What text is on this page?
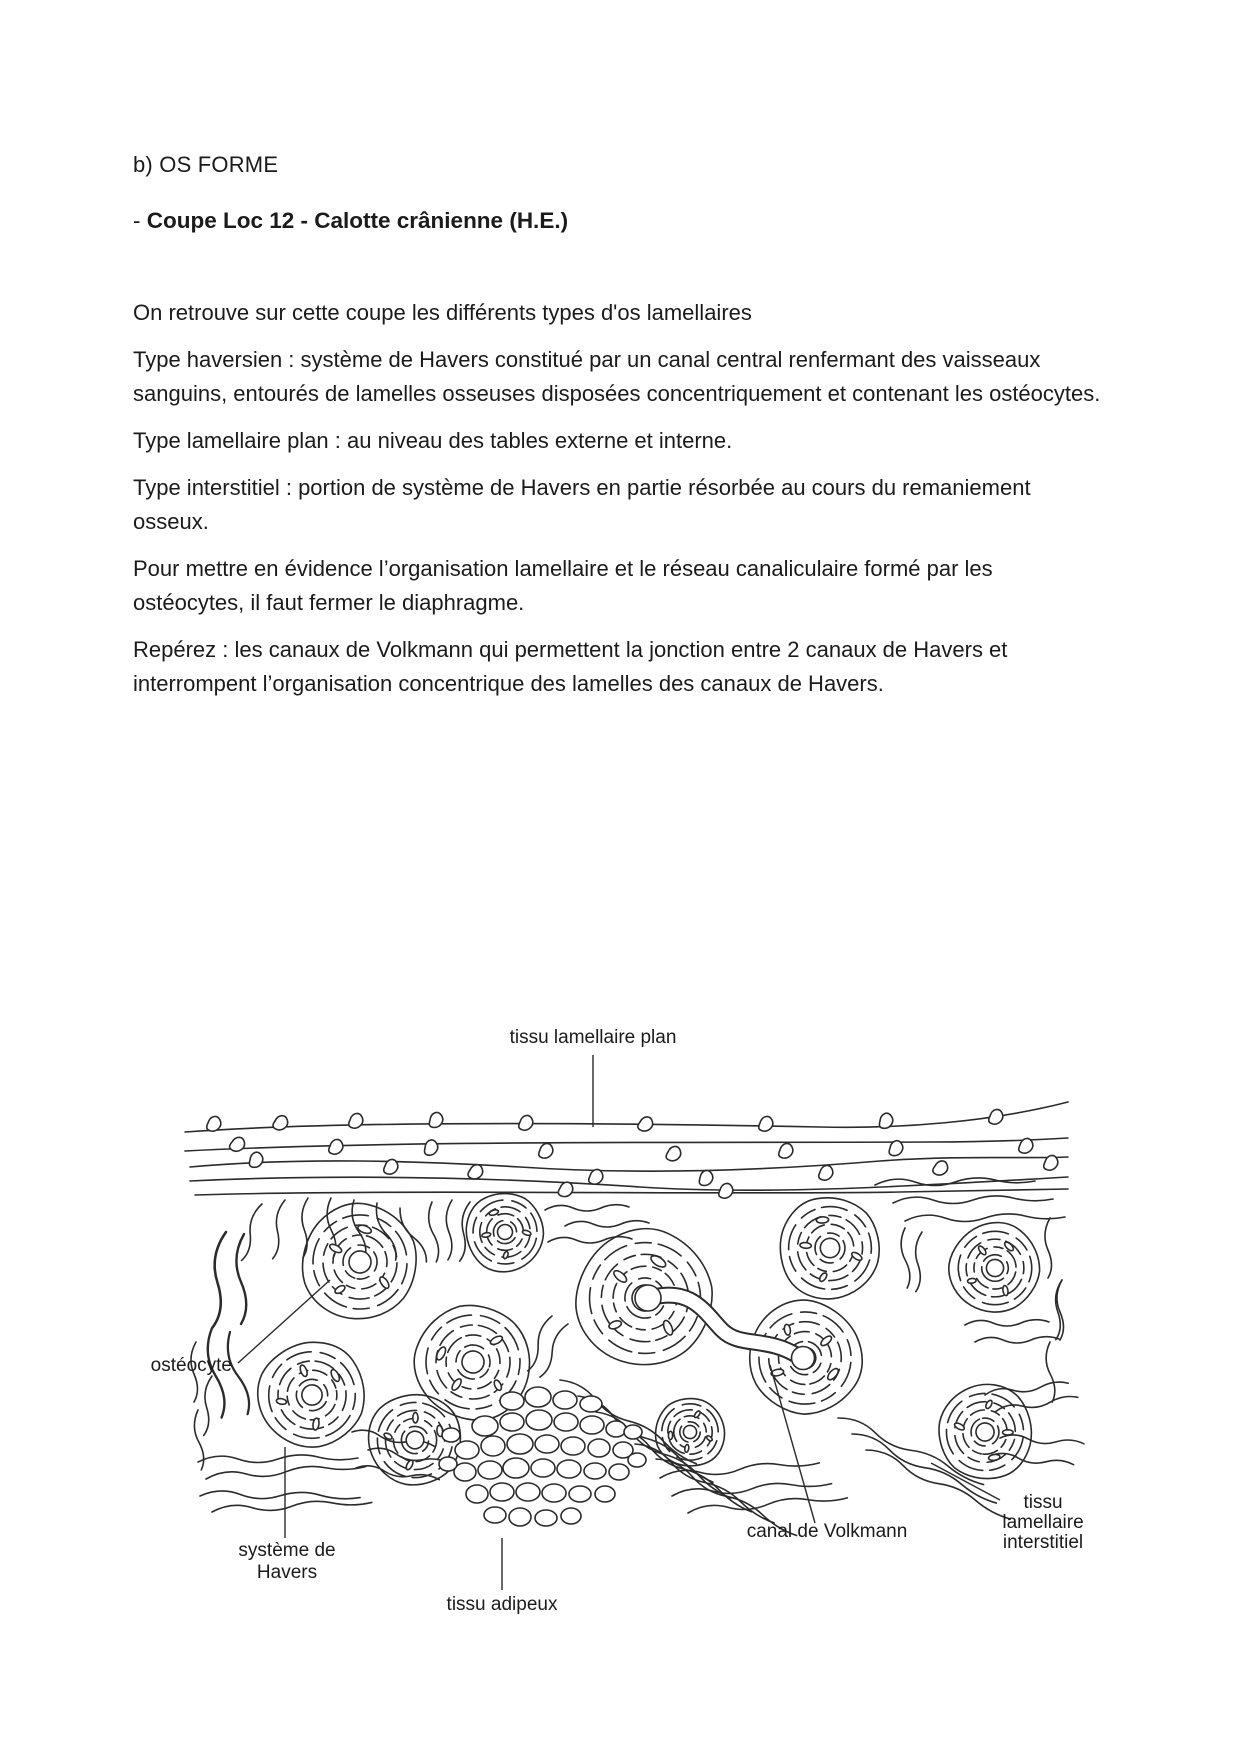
b) OS FORME
- Coupe Loc 12 - Calotte crânienne (H.E.)

On retrouve sur cette coupe les différents types d'os lamellaires

Type haversien : système de Havers constitué par un canal central renfermant des vaisseaux sanguins, entourés de lamelles osseuses disposées concentriquement et contenant les ostéocytes.

Type lamellaire plan : au niveau des tables externe et interne.

Type interstitiel : portion de système de Havers en partie résorbée au cours du remaniement osseux.

Pour mettre en évidence l’organisation lamellaire et le réseau canaliculaire formé par les ostéocytes, il faut fermer le diaphragme.

Repérez : les canaux de Volkmann qui permettent la jonction entre 2 canaux de Havers et interrompent l’organisation concentrique des lamelles des canaux de Havers.

tissu lamellaire plan
ostéocyte
système de
Havers
tissu adipeux
canal de Volkmann
tissu
lamellaire
interstitiel
